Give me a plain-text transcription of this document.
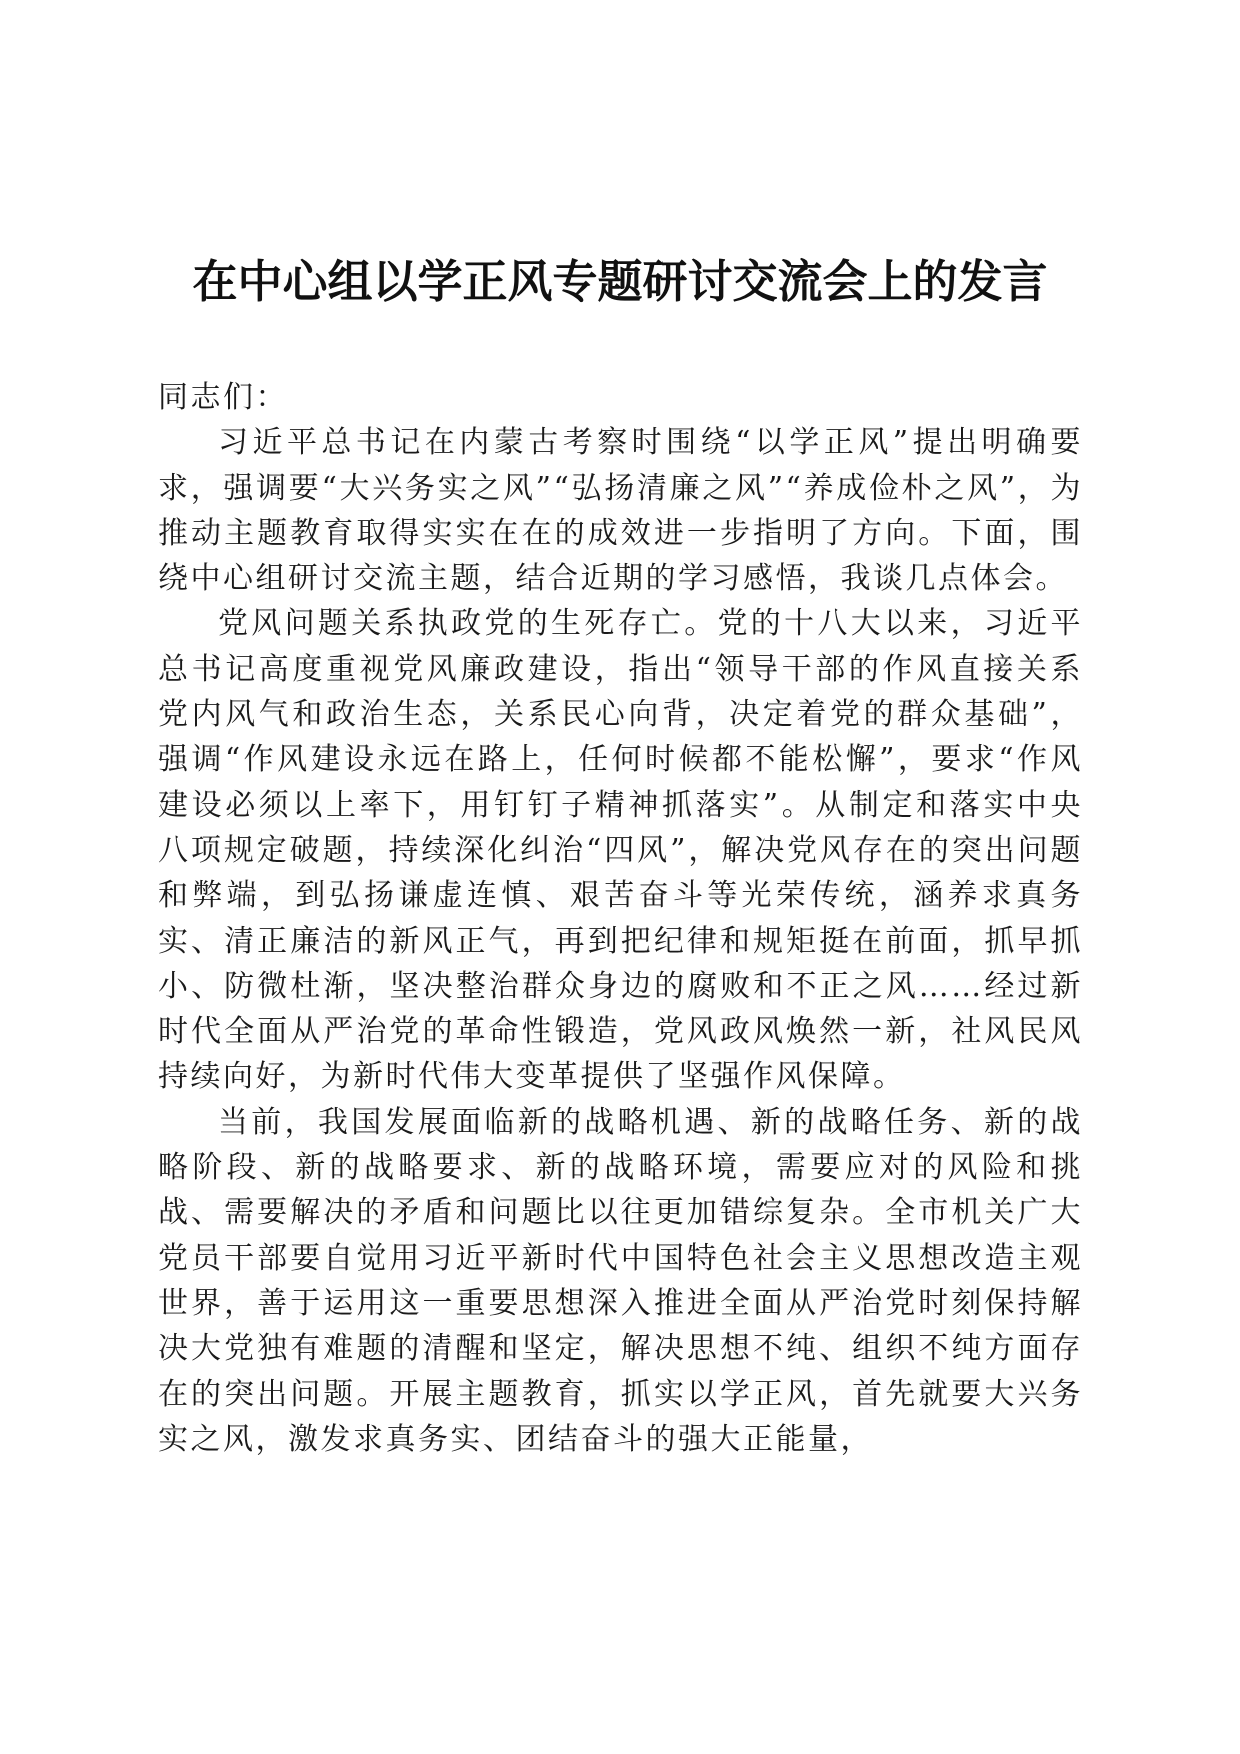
在中心组以学正风专题研讨交流会上的发言

同志们：

习近平总书记在内蒙古考察时围绕“以学正风”提出明确要求，强调要“大兴务实之风”“弘扬清廉之风”“养成俭朴之风”，为推动主题教育取得实实在在的成效进一步指明了方向。下面，围绕中心组研讨交流主题，结合近期的学习感悟，我谈几点体会。

党风问题关系执政党的生死存亡。党的十八大以来，习近平总书记高度重视党风廉政建设，指出“领导干部的作风直接关系党内风气和政治生态，关系民心向背，决定着党的群众基础”，强调“作风建设永远在路上，任何时候都不能松懈”，要求“作风建设必须以上率下，用钉钉子精神抓落实”。从制定和落实中央八项规定破题，持续深化纠治“四风”，解决党风存在的突出问题和弊端，到弘扬谦虚连慎、艰苦奋斗等光荣传统，涵养求真务实、清正廉洁的新风正气，再到把纪律和规矩挺在前面，抓早抓小、防微杜渐，坚决整治群众身边的腐败和不正之风……经过新时代全面从严治党的革命性锻造，党风政风焕然一新，社风民风持续向好，为新时代伟大变革提供了坚强作风保障。

当前，我国发展面临新的战略机遇、新的战略任务、新的战略阶段、新的战略要求、新的战略环境，需要应对的风险和挑战、需要解决的矛盾和问题比以往更加错综复杂。全市机关广大党员干部要自觉用习近平新时代中国特色社会主义思想改造主观世界，善于运用这一重要思想深入推进全面从严治党时刻保持解决大党独有难题的清醒和坚定，解决思想不纯、组织不纯方面存在的突出问题。开展主题教育，抓实以学正风，首先就要大兴务实之风，激发求真务实、团结奋斗的强大正能量，
